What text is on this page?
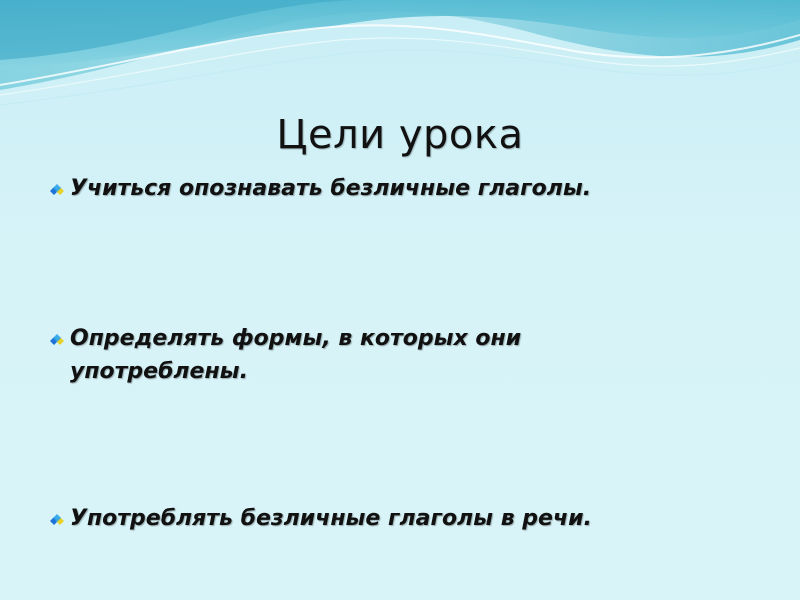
Цели урока
Учиться опознавать безличные глаголы.
Определять формы, в которых они употреблены.
Употреблять безличные глаголы в речи.
